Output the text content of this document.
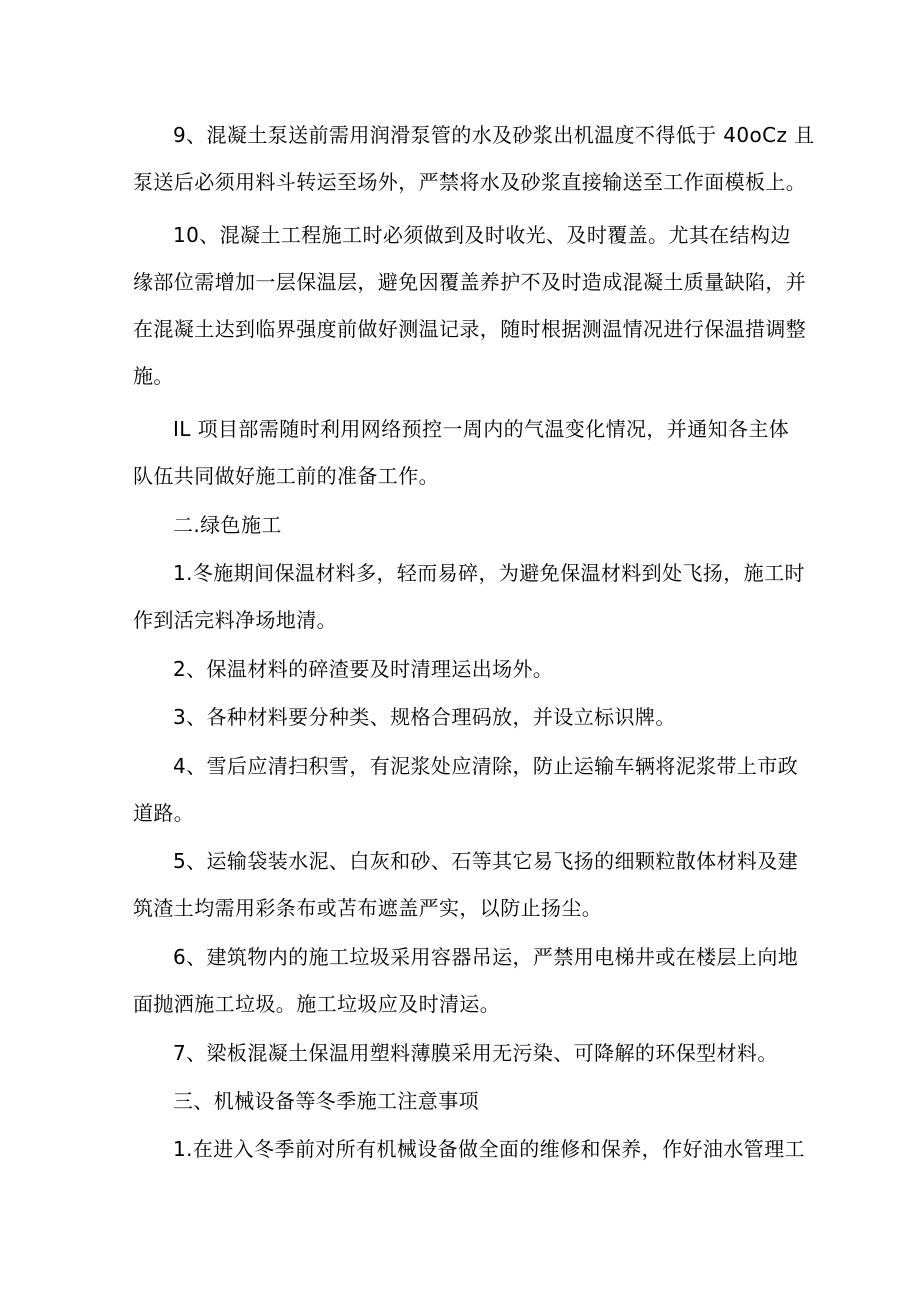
9、混凝土泵送前需用润滑泵管的水及砂浆出机温度不得低于 40oCz 且
泵送后必须用料斗转运至场外，严禁将水及砂浆直接输送至工作面模板上。
10、混凝土工程施工时必须做到及时收光、及时覆盖。尤其在结构边
缘部位需增加一层保温层，避免因覆盖养护不及时造成混凝土质量缺陷，并
在混凝土达到临界强度前做好测温记录，随时根据测温情况进行保温措调整
施。
IL 项目部需随时利用网络预控一周内的气温变化情况，并通知各主体
队伍共同做好施工前的准备工作。
二.绿色施工
1.冬施期间保温材料多，轻而易碎，为避免保温材料到处飞扬，施工时
作到活完料净场地清。
2、保温材料的碎渣要及时清理运出场外。
3、各种材料要分种类、规格合理码放，并设立标识牌。
4、雪后应清扫积雪，有泥浆处应清除，防止运输车辆将泥浆带上市政
道路。
5、运输袋装水泥、白灰和砂、石等其它易飞扬的细颗粒散体材料及建
筑渣土均需用彩条布或苫布遮盖严实，以防止扬尘。
6、建筑物内的施工垃圾采用容器吊运，严禁用电梯井或在楼层上向地
面抛洒施工垃圾。施工垃圾应及时清运。
7、梁板混凝土保温用塑料薄膜采用无污染、可降解的环保型材料。
三、机械设备等冬季施工注意事项
1.在进入冬季前对所有机械设备做全面的维修和保养，作好油水管理工
